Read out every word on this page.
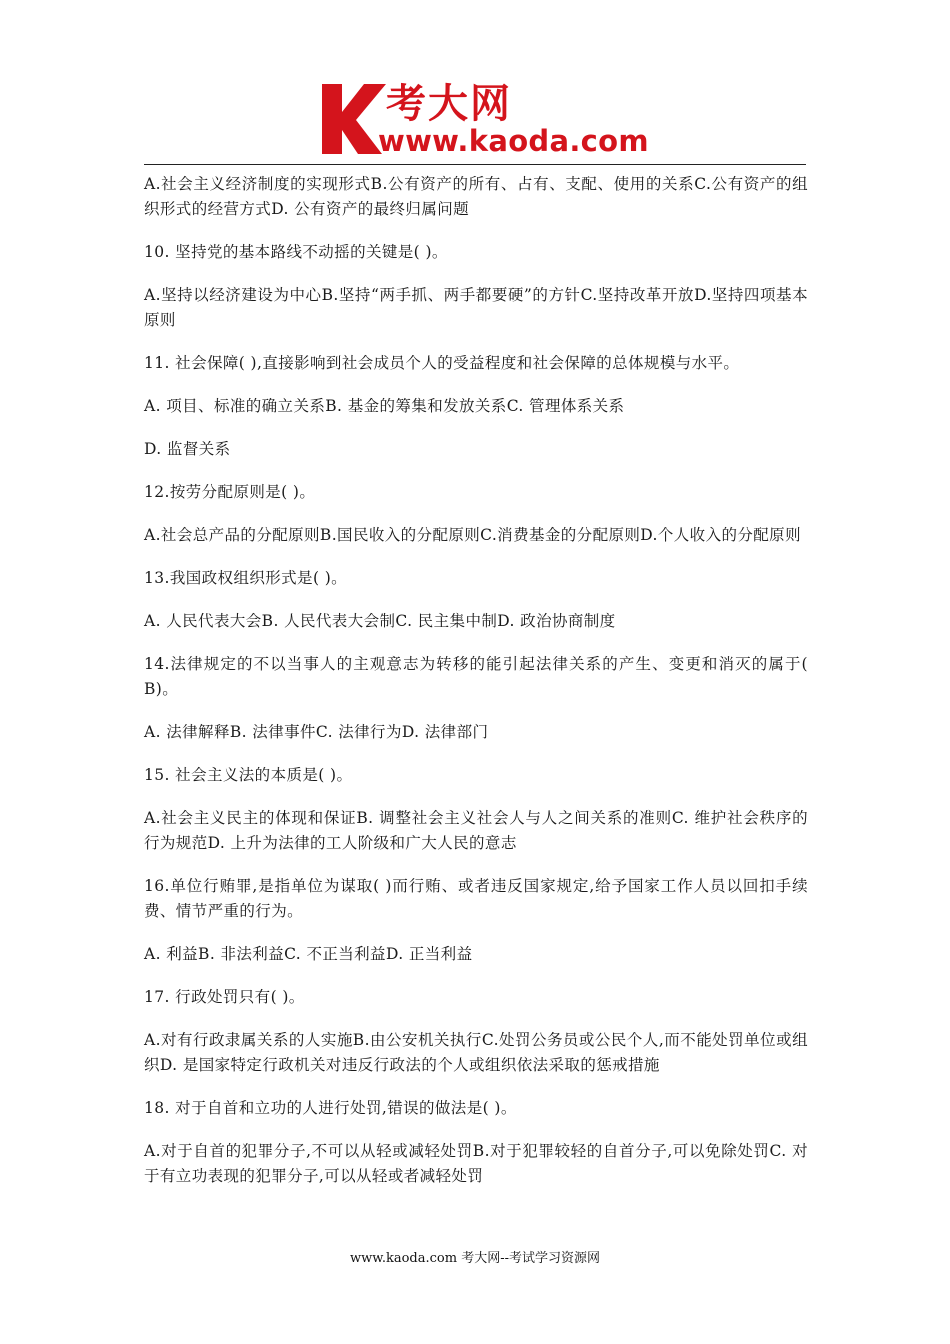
考大网
www.kaoda.com

A.社会主义经济制度的实现形式B.公有资产的所有、占有、支配、使用的关系C.公有资产的组织形式的经营方式D. 公有资产的最终归属问题

10. 坚持党的基本路线不动摇的关键是( )。

A.坚持以经济建设为中心B.坚持“两手抓、两手都要硬”的方针C.坚持改革开放D.坚持四项基本原则

11. 社会保障( ),直接影响到社会成员个人的受益程度和社会保障的总体规模与水平。

A. 项目、标准的确立关系B. 基金的筹集和发放关系C. 管理体系关系

D. 监督关系

12.按劳分配原则是( )。

A.社会总产品的分配原则B.国民收入的分配原则C.消费基金的分配原则D.个人收入的分配原则

13.我国政权组织形式是( )。

A. 人民代表大会B. 人民代表大会制C. 民主集中制D. 政治协商制度

14.法律规定的不以当事人的主观意志为转移的能引起法律关系的产生、变更和消灭的属于( B)。

A. 法律解释B. 法律事件C. 法律行为D. 法律部门

15. 社会主义法的本质是( )。

A.社会主义民主的体现和保证B. 调整社会主义社会人与人之间关系的准则C. 维护社会秩序的行为规范D. 上升为法律的工人阶级和广大人民的意志

16.单位行贿罪,是指单位为谋取( )而行贿、或者违反国家规定,给予国家工作人员以回扣手续费、情节严重的行为。

A. 利益B. 非法利益C. 不正当利益D. 正当利益

17. 行政处罚只有( )。

A.对有行政隶属关系的人实施B.由公安机关执行C.处罚公务员或公民个人,而不能处罚单位或组织D. 是国家特定行政机关对违反行政法的个人或组织依法采取的惩戒措施

18. 对于自首和立功的人进行处罚,错误的做法是( )。

A.对于自首的犯罪分子,不可以从轻或减轻处罚B.对于犯罪较轻的自首分子,可以免除处罚C. 对于有立功表现的犯罪分子,可以从轻或者减轻处罚

www.kaoda.com 考大网--考试学习资源网
